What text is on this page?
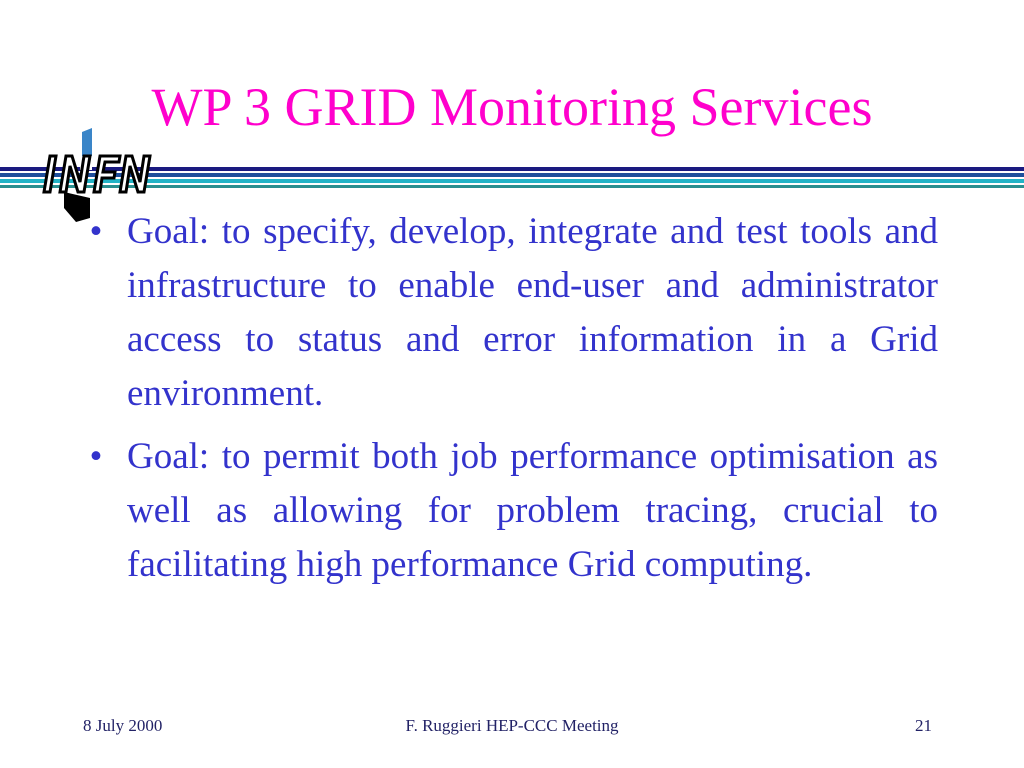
WP 3 GRID Monitoring Services
• Goal: to specify, develop, integrate and test tools and infrastructure to enable end-user and administrator access to status and error information in a Grid environment.
• Goal: to permit both job performance optimisation as well as allowing for problem tracing, crucial to facilitating high performance Grid computing.
8 July 2000	F. Ruggieri HEP-CCC Meeting	21
